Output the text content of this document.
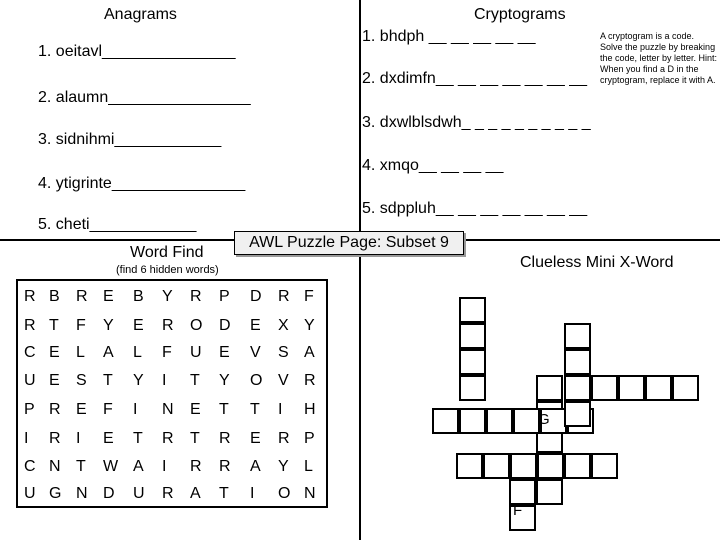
AWL Puzzle Page: Subset 9
Anagrams
1. oeitavl_______________
2. alaumn________________
3. sidnihmi____________
4. ytigrinte_______________
5. cheti____________
Cryptograms
1. bhdph __ __ __ __ __
2. dxdimfn__ __ __ __ __ __ __
3. dxwlblsdwh_ _ _ _ _ _ _ _ _ _
4. xmqo__ __ __ __
5. sdppluh__ __ __ __ __ __ __
A cryptogram is a code. Solve the puzzle by breaking the code, letter by letter. Hint: When you find a D in the cryptogram, replace it with A.
Word Find
(find 6 hidden words)
R B R E B Y R P D R F
R T F Y E R O D E X Y
C E L A L F U E V S A
U E S T Y I T Y O V R
P R E F I N E T T I H
I R I E T R T R E R P
C N T W A I R R A Y L
U G N D U R A T I O N
Clueless Mini X-Word
G
F
